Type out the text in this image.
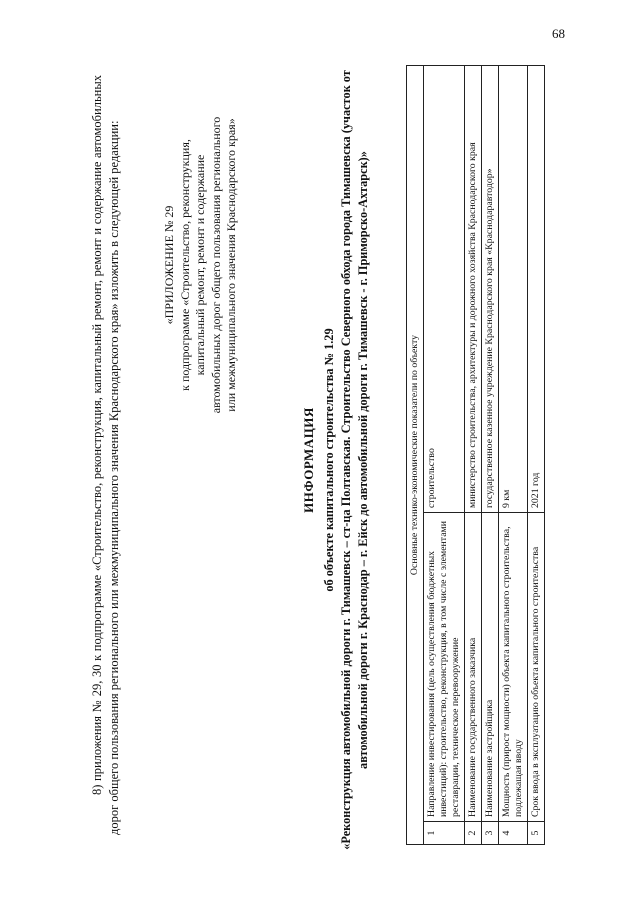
68

8) приложения № 29, 30 к подпрограмме «Строительство, реконструкция, капитальный ремонт, ремонт и содержание автомобильных дорог общего пользования регионального или межмуниципального значения Краснодарского края» изложить в следующей редакции:	«ПРИЛОЖЕНИЕ № 29 к подпрограмме «Строительство, реконструкция, капитальный ремонт, ремонт и содержание автомобильных дорог общего пользования регионального или межмуниципального значения Краснодарского края»
ИНФОРМАЦИЯ об объекте капитального строительства № 1.29 «Реконструкция автомобильной дороги г. Тимашевск – ст-ца Полтавская. Строительство Северного обхода города Тимашевска (участок от автомобильной дороги г. Краснодар – г. Ейск до автомобильной дороги г. Тимашевск - г. Приморско-Ахтарск)»	Основные технико-экономические показатели по объекту		
1	Направление инвестирования (цель осуществления бюджетных инвестиций): строительство, реконструкция, в том числе с элементами реставрации, техническое перевооружение	строительство
2	Наименование государственного заказчика	министерство строительства, архитектуры и дорожного хозяйства Краснодарского края
3	Наименование застройщика	государственное казенное учреждение Краснодарского края «Краснодаравтодор»
4	Мощность (прирост мощности) объекта капитального строительства, подлежащая вводу	9 км
5	Срок ввода в эксплуатацию объекта капитального строительства	2021 год
